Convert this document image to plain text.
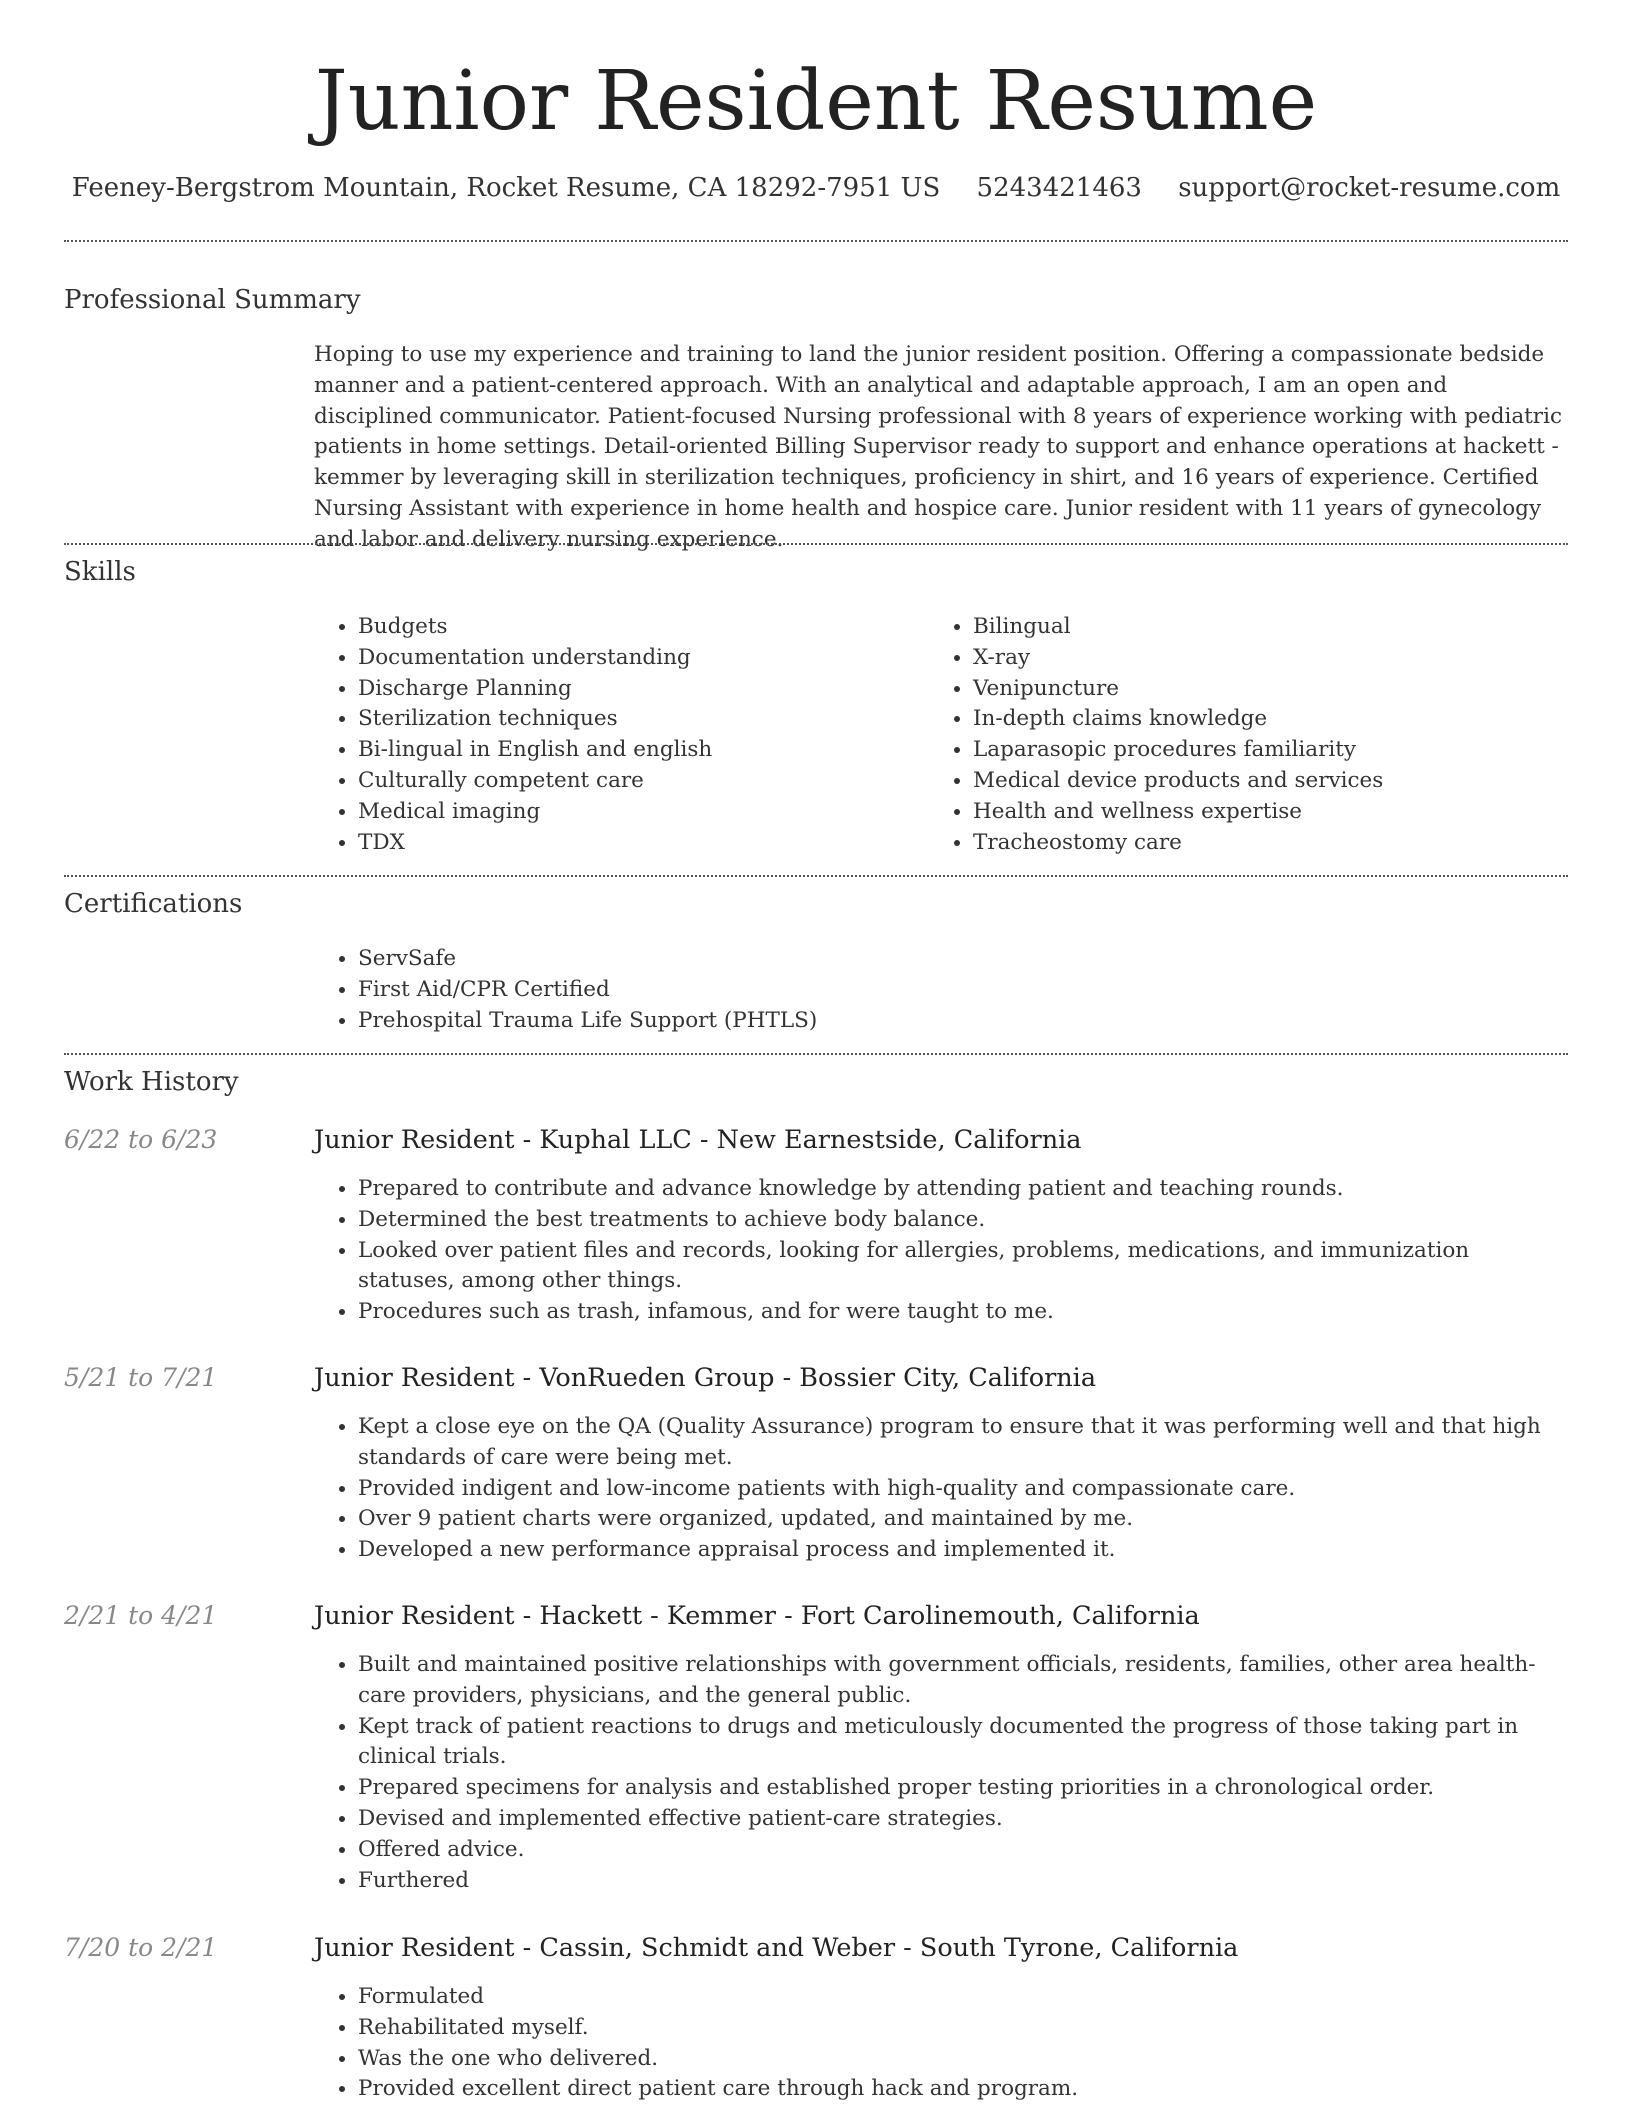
Junior Resident Resume
Feeney-Bergstrom Mountain, Rocket Resume, CA 18292-7951 US 5243421463 support@rocket-resume.com
Professional Summary

Hoping to use my experience and training to land the junior resident position. Offering a compassionate bedside manner and a patient-centered approach. With an analytical and adaptable approach, I am an open and disciplined communicator. Patient-focused Nursing professional with 8 years of experience working with pediatric patients in home settings. Detail-oriented Billing Supervisor ready to support and enhance operations at hackett - kemmer by leveraging skill in sterilization techniques, proficiency in shirt, and 16 years of experience. Certified Nursing Assistant with experience in home health and hospice care. Junior resident with 11 years of gynecology and labor and delivery nursing experience.

Skills
• Budgets
• Documentation understanding
• Discharge Planning
• Sterilization techniques
• Bi-lingual in English and english
• Culturally competent care
• Medical imaging
• TDX
• Bilingual
• X-ray
• Venipuncture
• In-depth claims knowledge
• Laparasopic procedures familiarity
• Medical device products and services
• Health and wellness expertise
• Tracheostomy care
Certifications
• ServSafe
• First Aid/CPR Certified
• Prehospital Trauma Life Support (PHTLS)
Work History
6/22 to 6/23	Junior Resident - Kuphal LLC - New Earnestside, California
• Prepared to contribute and advance knowledge by attending patient and teaching rounds.
• Determined the best treatments to achieve body balance.
• Looked over patient files and records, looking for allergies, problems, medications, and immunization statuses, among other things.
• Procedures such as trash, infamous, and for were taught to me.
5/21 to 7/21	Junior Resident - VonRueden Group - Bossier City, California
• Kept a close eye on the QA (Quality Assurance) program to ensure that it was performing well and that high standards of care were being met.
• Provided indigent and low-income patients with high-quality and compassionate care.
• Over 9 patient charts were organized, updated, and maintained by me.
• Developed a new performance appraisal process and implemented it.
2/21 to 4/21	Junior Resident - Hackett - Kemmer - Fort Carolinemouth, California
• Built and maintained positive relationships with government officials, residents, families, other area health-care providers, physicians, and the general public.
• Kept track of patient reactions to drugs and meticulously documented the progress of those taking part in clinical trials.
• Prepared specimens for analysis and established proper testing priorities in a chronological order.
• Devised and implemented effective patient-care strategies.
• Offered advice.
• Furthered
7/20 to 2/21	Junior Resident - Cassin, Schmidt and Weber - South Tyrone, California
• Formulated
• Rehabilitated myself.
• Was the one who delivered.
• Provided excellent direct patient care through hack and program.
